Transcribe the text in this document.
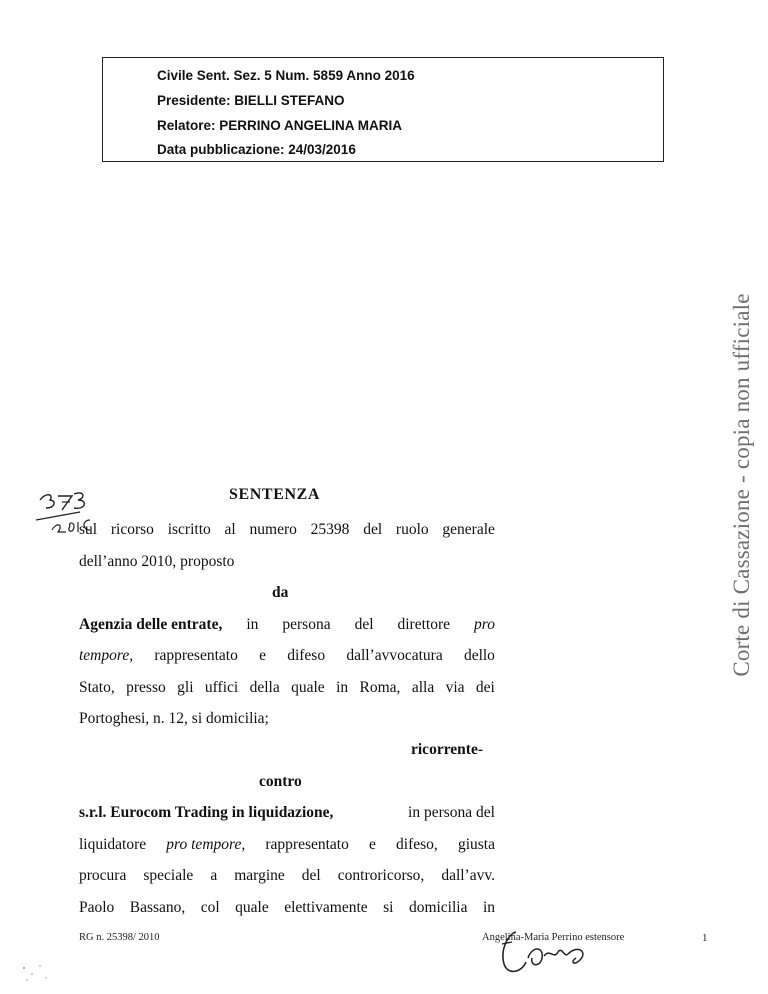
Civile Sent. Sez. 5 Num. 5859 Anno 2016
Presidente: BIELLI STEFANO
Relatore: PERRINO ANGELINA MARIA
Data pubblicazione: 24/03/2016
Corte di Cassazione - copia non ufficiale
SENTENZA
sul ricorso iscritto al numero 25398 del ruolo generale
dell’anno 2010, proposto
da
Agenzia delle entrate, in persona del direttore pro
tempore, rappresentato e difeso dall’avvocatura dello
Stato, presso gli uffici della quale in Roma, alla via dei
Portoghesi, n. 12, si domicilia;
ricorrente-
contro
s.r.l. Eurocom Trading in liquidazione,	in persona del
liquidatore pro tempore, rappresentato e difeso, giusta
procura speciale a margine del controricorso, dall’avv.
Paolo Bassano, col quale elettivamente si domicilia in
RG n. 25398/ 2010	Angelina-Maria Perrino estensore	1
